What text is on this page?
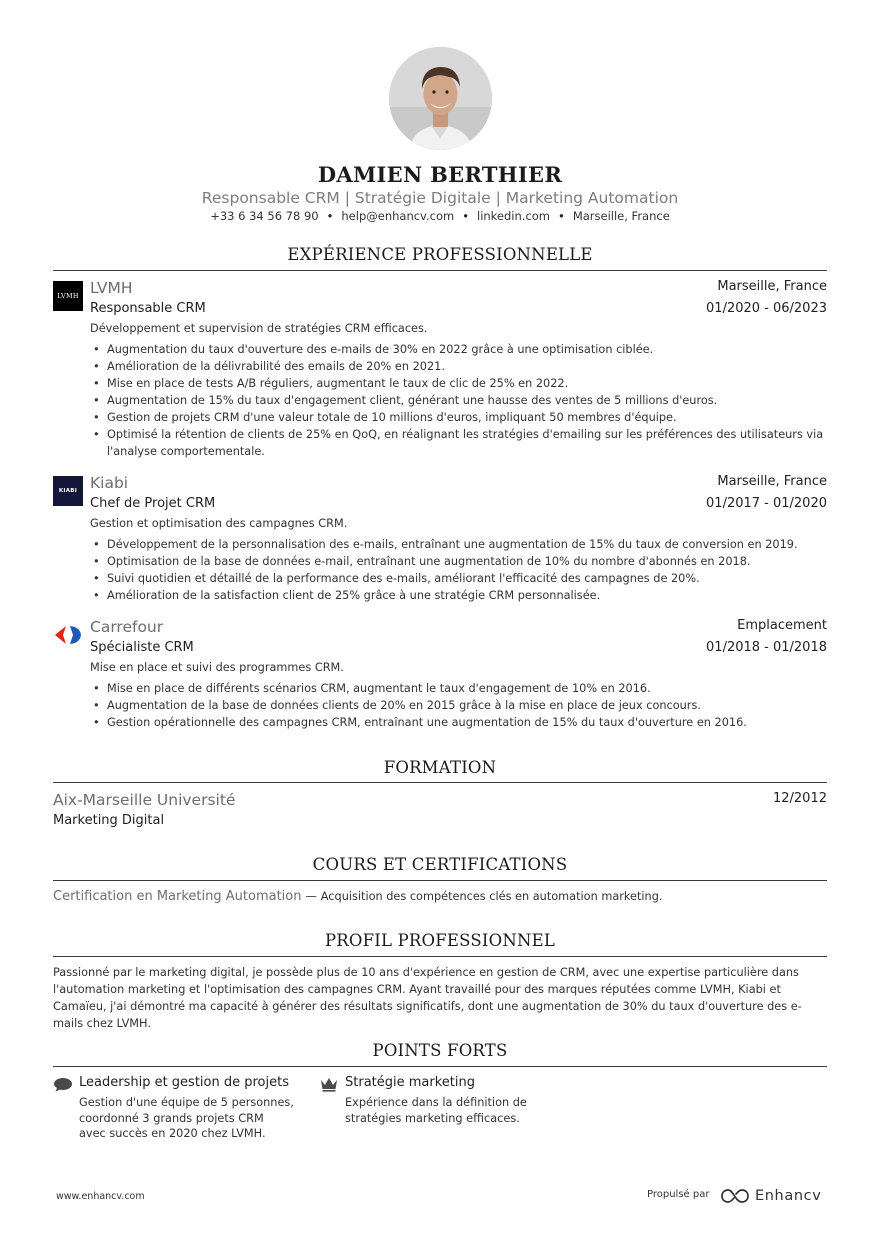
DAMIEN BERTHIER
Responsable CRM | Stratégie Digitale | Marketing Automation
+33 6 34 56 78 90 • help@enhancv.com • linkedin.com • Marseille, France
EXPÉRIENCE PROFESSIONNELLE
LVMH LVMH	Marseille, France
Responsable CRM	01/2020 - 06/2023
Développement et supervision de stratégies CRM efficaces.
• Augmentation du taux d'ouverture des e-mails de 30% en 2022 grâce à une optimisation ciblée.
• Amélioration de la délivrabilité des emails de 20% en 2021.
• Mise en place de tests A/B réguliers, augmentant le taux de clic de 25% en 2022.
• Augmentation de 15% du taux d'engagement client, générant une hausse des ventes de 5 millions d'euros.
• Gestion de projets CRM d'une valeur totale de 10 millions d'euros, impliquant 50 membres d'équipe.
• Optimisé la rétention de clients de 25% en QoQ, en réalignant les stratégies d'emailing sur les préférences des utilisateurs via l'analyse comportementale.
KIABI Kiabi	Marseille, France
Chef de Projet CRM	01/2017 - 01/2020
Gestion et optimisation des campagnes CRM.
• Développement de la personnalisation des e-mails, entraînant une augmentation de 15% du taux de conversion en 2019.
• Optimisation de la base de données e-mail, entraînant une augmentation de 10% du nombre d'abonnés en 2018.
• Suivi quotidien et détaillé de la performance des e-mails, améliorant l'efficacité des campagnes de 20%.
• Amélioration de la satisfaction client de 25% grâce à une stratégie CRM personnalisée.
Carrefour	Emplacement
Spécialiste CRM	01/2018 - 01/2018
Mise en place et suivi des programmes CRM.
• Mise en place de différents scénarios CRM, augmentant le taux d'engagement de 10% en 2016.
• Augmentation de la base de données clients de 20% en 2015 grâce à la mise en place de jeux concours.
• Gestion opérationnelle des campagnes CRM, entraînant une augmentation de 15% du taux d'ouverture en 2016.
FORMATION
Aix-Marseille Université	12/2012
Marketing Digital
COURS ET CERTIFICATIONS
Certification en Marketing Automation — Acquisition des compétences clés en automation marketing.
PROFIL PROFESSIONNEL
Passionné par le marketing digital, je possède plus de 10 ans d'expérience en gestion de CRM, avec une expertise particulière dans l'automation marketing et l'optimisation des campagnes CRM. Ayant travaillé pour des marques réputées comme LVMH, Kiabi et Camaïeu, j'ai démontré ma capacité à générer des résultats significatifs, dont une augmentation de 30% du taux d'ouverture des e-mails chez LVMH.
POINTS FORTS
Leadership et gestion de projets
Gestion d'une équipe de 5 personnes, coordonné 3 grands projets CRM avec succès en 2020 chez LVMH.
Stratégie marketing
Expérience dans la définition de stratégies marketing efficaces.
www.enhancv.com	Propulsé par	Enhancv
